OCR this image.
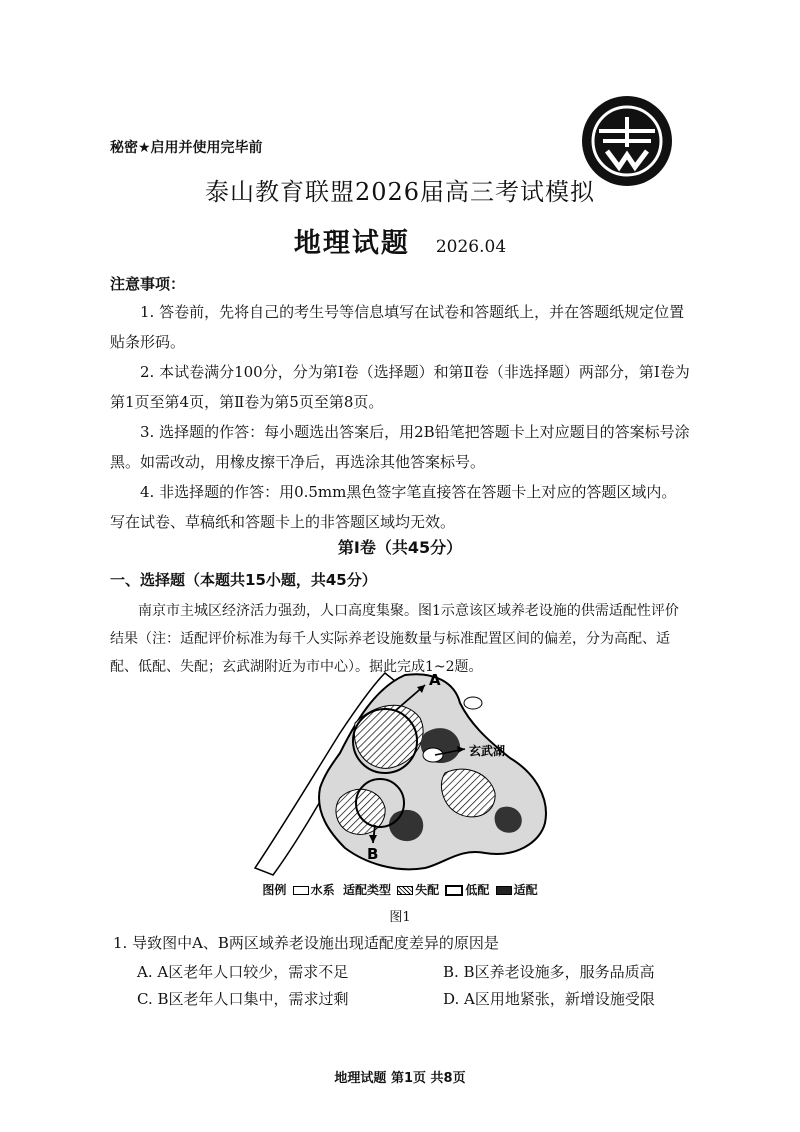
秘密★启用并使用完毕前
泰山教育联盟2026届高三考试模拟
地理试题 2026.04
注意事项：

1. 答卷前，先将自己的考生号等信息填写在试卷和答题纸上，并在答题纸规定位置贴条形码。

2. 本试卷满分100分，分为第Ⅰ卷（选择题）和第Ⅱ卷（非选择题）两部分，第Ⅰ卷为第1页至第4页，第Ⅱ卷为第5页至第8页。

3. 选择题的作答：每小题选出答案后，用2B铅笔把答题卡上对应题目的答案标号涂黑。如需改动，用橡皮擦干净后，再选涂其他答案标号。

4. 非选择题的作答：用0.5mm黑色签字笔直接答在答题卡上对应的答题区域内。写在试卷、草稿纸和答题卡上的非答题区域均无效。

第Ⅰ卷（共45分）
一、选择题（本题共15小题，共45分）

南京市主城区经济活力强劲，人口高度集聚。图1示意该区域养老设施的供需适配性评价结果（注：适配评价标准为每千人实际养老设施数量与标准配置区间的偏差，分为高配、适配、低配、失配；玄武湖附近为市中心）。据此完成1~2题。

A
B
玄武湖
图例 水系 适配类型 失配 低配 适配
图1
1. 导致图中A、B两区域养老设施出现适配度差异的原因是
A. A区老年人口较少，需求不足	B. B区养老设施多，服务品质高
C. B区老年人口集中，需求过剩	D. A区用地紧张，新增设施受限
地理试题 第1页 共8页
